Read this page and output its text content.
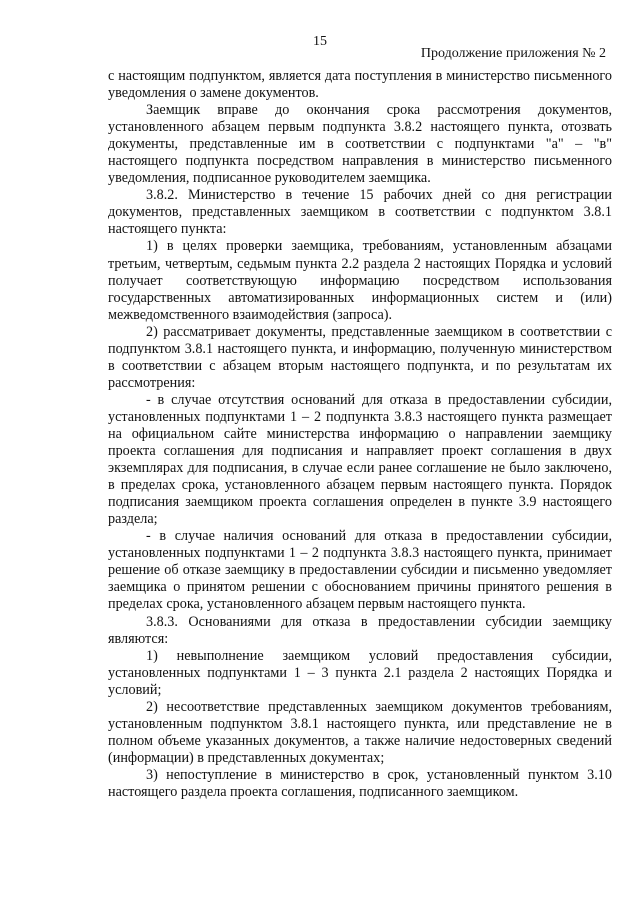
15
Продолжение приложения № 2

с настоящим подпунктом, является дата поступления в министерство письменного уведомления о замене документов.

Заемщик вправе до окончания срока рассмотрения документов, установленного абзацем первым подпункта 3.8.2 настоящего пункта, отозвать документы, представленные им в соответствии с подпунктами "а" – "в" настоящего подпункта посредством направления в министерство письменного уведомления, подписанное руководителем заемщика.

3.8.2. Министерство в течение 15 рабочих дней со дня регистрации документов, представленных заемщиком в соответствии с подпунктом 3.8.1 настоящего пункта:

1) в целях проверки заемщика, требованиям, установленным абзацами третьим, четвертым, седьмым пункта 2.2 раздела 2 настоящих Порядка и условий получает соответствующую информацию посредством использования государственных автоматизированных информационных систем и (или) межведомственного взаимодействия (запроса).

2) рассматривает документы, представленные заемщиком в соответствии с подпунктом 3.8.1 настоящего пункта, и информацию, полученную министерством в соответствии с абзацем вторым настоящего подпункта, и по результатам их рассмотрения:

- в случае отсутствия оснований для отказа в предоставлении субсидии, установленных подпунктами 1 – 2 подпункта 3.8.3 настоящего пункта размещает на официальном сайте министерства информацию о направлении заемщику проекта соглашения для подписания и направляет проект соглашения в двух экземплярах для подписания, в случае если ранее соглашение не было заключено, в пределах срока, установленного абзацем первым настоящего пункта. Порядок подписания заемщиком проекта соглашения определен в пункте 3.9 настоящего раздела;

- в случае наличия оснований для отказа в предоставлении субсидии, установленных подпунктами 1 – 2 подпункта 3.8.3 настоящего пункта, принимает решение об отказе заемщику в предоставлении субсидии и письменно уведомляет заемщика о принятом решении с обоснованием причины принятого решения в пределах срока, установленного абзацем первым настоящего пункта.

3.8.3. Основаниями для отказа в предоставлении субсидии заемщику являются:

1) невыполнение заемщиком условий предоставления субсидии, установленных подпунктами 1 – 3 пункта 2.1 раздела 2 настоящих Порядка и условий;

2) несоответствие представленных заемщиком документов требованиям, установленным подпунктом 3.8.1 настоящего пункта, или представление не в полном объеме указанных документов, а также наличие недостоверных сведений (информации) в представленных документах;

3) непоступление в министерство в срок, установленный пунктом 3.10 настоящего раздела проекта соглашения, подписанного заемщиком.
